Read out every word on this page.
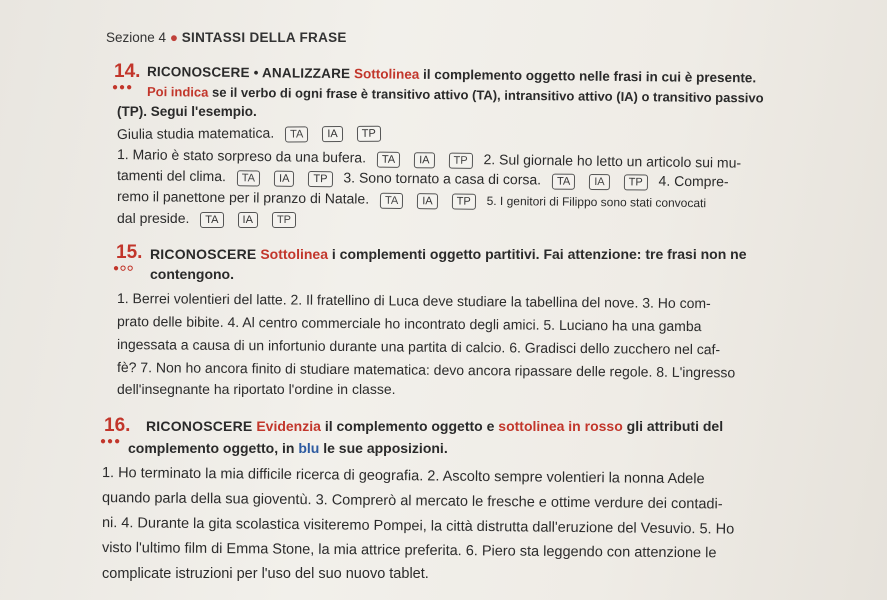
Sezione 4 ● SINTASSI DELLA FRASE
14.
●●●
RICONOSCERE • ANALIZZARE Sottolinea il complemento oggetto nelle frasi in cui è presente.
Poi indica se il verbo di ogni frase è transitivo attivo (TA), intransitivo attivo (IA) o transitivo passivo
(TP). Segui l'esempio.
Giulia studia matematica. TA IA TP
1. Mario è stato sorpreso da una bufera. TA IA TP 2. Sul giornale ho letto un articolo sui mu-
tamenti del clima. TA IA TP 3. Sono tornato a casa di corsa. TA IA TP 4. Compre-
remo il panettone per il pranzo di Natale. TA IA TP 5. I genitori di Filippo sono stati convocati
dal preside. TA IA TP
15.
●●●
RICONOSCERE Sottolinea i complementi oggetto partitivi. Fai attenzione: tre frasi non ne
contengono.
1. Berrei volentieri del latte. 2. Il fratellino di Luca deve studiare la tabellina del nove. 3. Ho com-
prato delle bibite. 4. Al centro commerciale ho incontrato degli amici. 5. Luciano ha una gamba
ingessata a causa di un infortunio durante una partita di calcio. 6. Gradisci dello zucchero nel caf-
fè? 7. Non ho ancora finito di studiare matematica: devo ancora ripassare delle regole. 8. L'ingresso
dell'insegnante ha riportato l'ordine in classe.
16.
●●●
RICONOSCERE Evidenzia il complemento oggetto e sottolinea in rosso gli attributi del
complemento oggetto, in blu le sue apposizioni.
1. Ho terminato la mia difficile ricerca di geografia. 2. Ascolto sempre volentieri la nonna Adele
quando parla della sua gioventù. 3. Comprerò al mercato le fresche e ottime verdure dei contadi-
ni. 4. Durante la gita scolastica visiteremo Pompei, la città distrutta dall'eruzione del Vesuvio. 5. Ho
visto l'ultimo film di Emma Stone, la mia attrice preferita. 6. Piero sta leggendo con attenzione le
complicate istruzioni per l'uso del suo nuovo tablet.
